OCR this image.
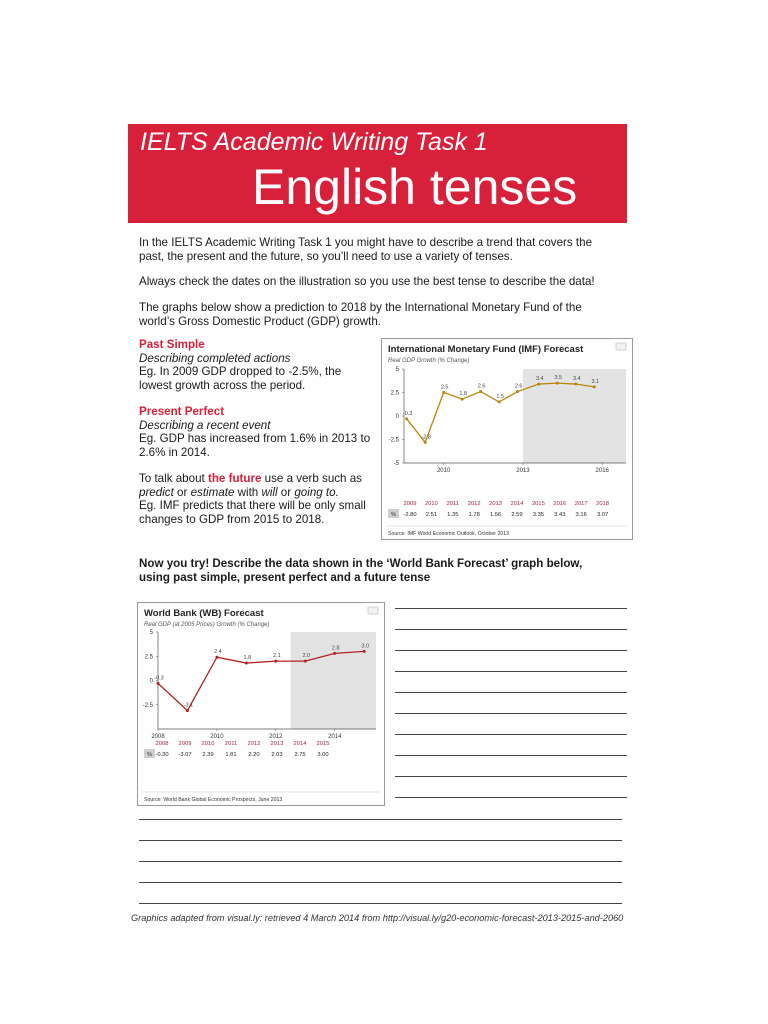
IELTS Academic Writing Task 1
English tenses

In the IELTS Academic Writing Task 1 you might have to describe a trend that covers the past, the present and the future, so you’ll need to use a variety of tenses.

Always check the dates on the illustration so you use the best tense to describe the data!

The graphs below show a prediction to 2018 by the International Monetary Fund of the world’s Gross Domestic Product (GDP) growth.

Past Simple
Describing completed actions
Eg. In 2009 GDP dropped to -2.5%, the lowest growth across the period.

Present Perfect
Describing a recent event
Eg. GDP has increased from 1.6% in 2013 to 2.6% in 2014.

To talk about the future use a verb such as predict or estimate with will or going to.
Eg. IMF predicts that there will be only small changes to GDP from 2015 to 2018.

International Monetary Fund (IMF) Forecast
Real GDP Growth (% Change)
5
2.5
0
-2.5
-5
2010	2013	2016
-0.3
-2.8
2.5
1.8
2.6
1.5
2.6
3.4 3.5 3.4 3.1
2009 2010 2011 2012 2013 2014 2015 2016 2017 2018
% -2.80 2.51 1.35 1.78 1.56 2.59 3.35 3.43 3.16 3.07
Source: IMF World Economic Outlook, October 2013

Now you try! Describe the data shown in the ‘World Bank Forecast’ graph below, using past simple, present perfect and a future tense

World Bank (WB) Forecast
Real GDP (at 2005 Prices) Growth (% Change)
5
2.5
0
-2.5
2008	2010	2012	2014
-0.3
-3.1
2.4
1.8	2.1	2.0
2.8	3.0
2008 2009 2010 2011 2012 2013 2014 2015
% -0.30 -3.07 2.39 1.81 2.20 2.03 2.75 3.00
Source: World Bank Global Economic Prospects, June 2013
Graphics adapted from visual.ly: retrieved 4 March 2014 from http://visual.ly/g20-economic-forecast-2013-2015-and-2060
